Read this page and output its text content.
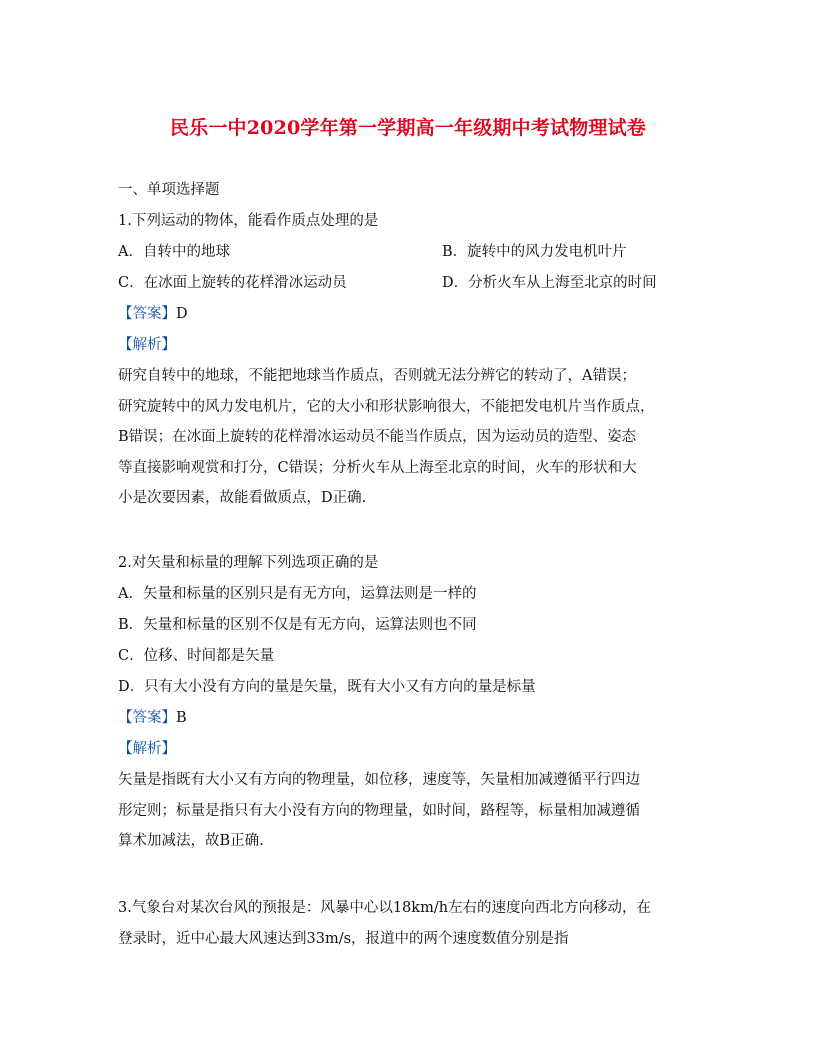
民乐一中2020学年第一学期高一年级期中考试物理试卷
一、单项选择题
1.下列运动的物体，能看作质点处理的是
A．自转中的地球	B．旋转中的风力发电机叶片
C．在冰面上旋转的花样滑冰运动员	D．分析火车从上海至北京的时间
【答案】D
【解析】
研究自转中的地球，不能把地球当作质点，否则就无法分辨它的转动了，A错误；
研究旋转中的风力发电机片，它的大小和形状影响很大，不能把发电机片当作质点，
B错误；在冰面上旋转的花样滑冰运动员不能当作质点，因为运动员的造型、姿态
等直接影响观赏和打分，C错误；分析火车从上海至北京的时间，火车的形状和大
小是次要因素，故能看做质点，D正确.
2.对矢量和标量的理解下列选项正确的是
A．矢量和标量的区别只是有无方向，运算法则是一样的
B．矢量和标量的区别不仅是有无方向，运算法则也不同
C．位移、时间都是矢量
D．只有大小没有方向的量是矢量，既有大小又有方向的量是标量
【答案】B
【解析】
矢量是指既有大小又有方向的物理量，如位移，速度等，矢量相加减遵循平行四边
形定则；标量是指只有大小没有方向的物理量，如时间，路程等，标量相加减遵循
算术加减法，故B正确.
3.气象台对某次台风的预报是：风暴中心以18km/h左右的速度向西北方向移动，在
登录时，近中心最大风速达到33m/s，报道中的两个速度数值分别是指
